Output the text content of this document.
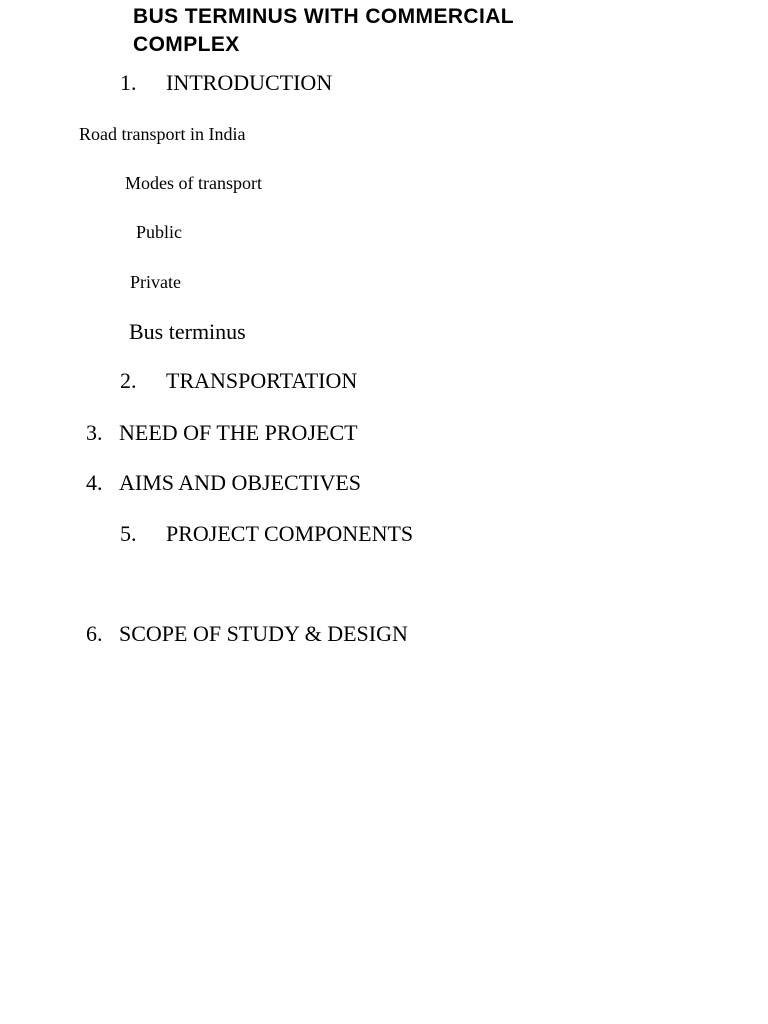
BUS TERMINUS WITH COMMERCIAL
COMPLEX
1. INTRODUCTION
Road transport in India
Modes of transport
Public
Private
Bus terminus
2. TRANSPORTATION
3. NEED OF THE PROJECT
4. AIMS AND OBJECTIVES
5. PROJECT COMPONENTS
6. SCOPE OF STUDY & DESIGN
